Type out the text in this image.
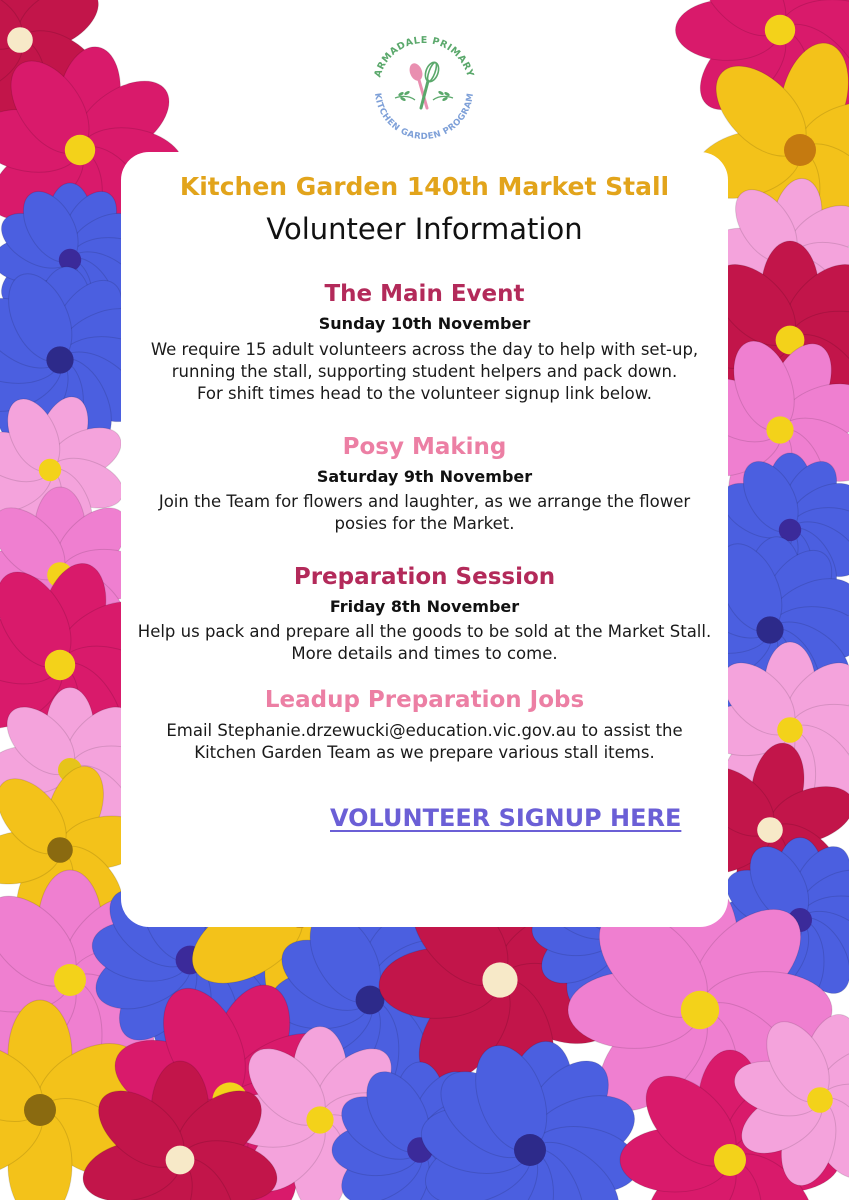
ARMADALE PRIMARY
KITCHEN GARDEN PROGRAM
Kitchen Garden 140th Market Stall
Volunteer Information
The Main Event
Sunday 10th November
We require 15 adult volunteers across the day to help with set-up,
running the stall, supporting student helpers and pack down.
For shift times head to the volunteer signup link below.
Posy Making
Saturday 9th November
Join the Team for flowers and laughter, as we arrange the flower
posies for the Market.
Preparation Session
Friday 8th November
Help us pack and prepare all the goods to be sold at the Market Stall.
More details and times to come.
Leadup Preparation Jobs
Email Stephanie.drzewucki@education.vic.gov.au to assist the
Kitchen Garden Team as we prepare various stall items.
VOLUNTEER SIGNUP HERE
